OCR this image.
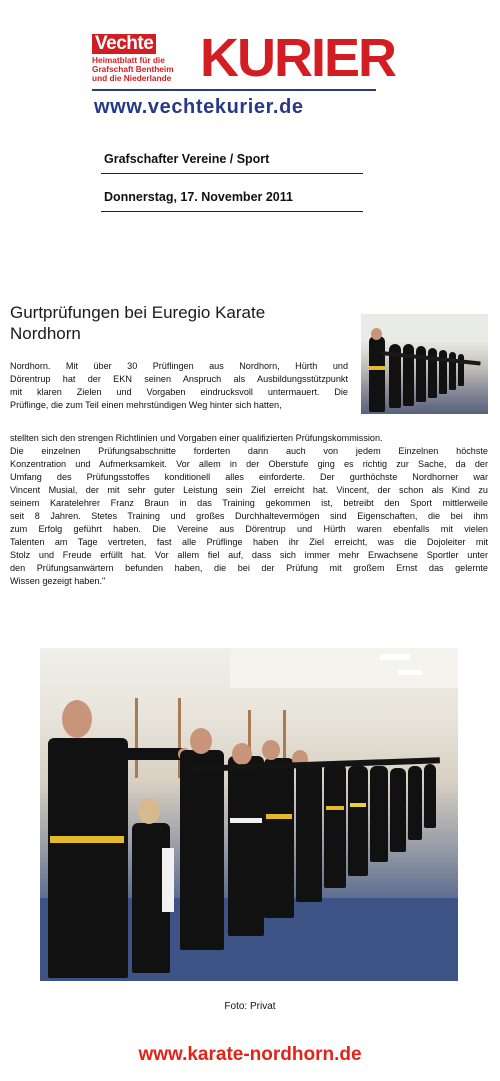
Vechte KURIER
Heimatblatt für die
Grafschaft Bentheim
und die Niederlande
www.vechtekurier.de
Grafschafter Vereine / Sport
Donnerstag, 17. November 2011
Gurtprüfungen bei Euregio Karate Nordhorn
Nordhorn. Mit über 30 Prüflingen aus Nordhorn, Hürth und
Dörentrup hat der EKN seinen Anspruch als Ausbildungsstützpunkt
mit klaren Zielen und Vorgaben eindrucksvoll untermauert. Die
Prüflinge, die zum Teil einen mehrstündigen Weg hinter sich hatten,
stellten sich den strengen Richtlinien und Vorgaben einer qualifizierten Prüfungskommission.
Die einzelnen Prüfungsabschnitte forderten dann auch von jedem Einzelnen höchste
Konzentration und Aufmerksamkeit. Vor allem in der Oberstufe ging es richtig zur Sache, da der
Umfang des Prüfungsstoffes konditionell alles einforderte. Der gurthöchste Nordhorner war
Vincent Musial, der mit sehr guter Leistung sein Ziel erreicht hat. Vincent, der schon als Kind zu
seinem Karatelehrer Franz Braun in das Training gekommen ist, betreibt den Sport mittlerweile
seit 8 Jahren. Stetes Training und großes Durchhaltevermögen sind Eigenschaften, die bei ihm
zum Erfolg geführt haben. Die Vereine aus Dörentrup und Hürth waren ebenfalls mit vielen
Talenten am Tage vertreten, fast alle Prüflinge haben ihr Ziel erreicht, was die Dojoleiter mit
Stolz und Freude erfüllt hat. Vor allem fiel auf, dass sich immer mehr Erwachsene Sportler unter
den Prüfungsanwärtern befunden haben, die bei der Prüfung mit großem Ernst das gelernte
Wissen gezeigt haben."
Foto: Privat
www.karate-nordhorn.de
